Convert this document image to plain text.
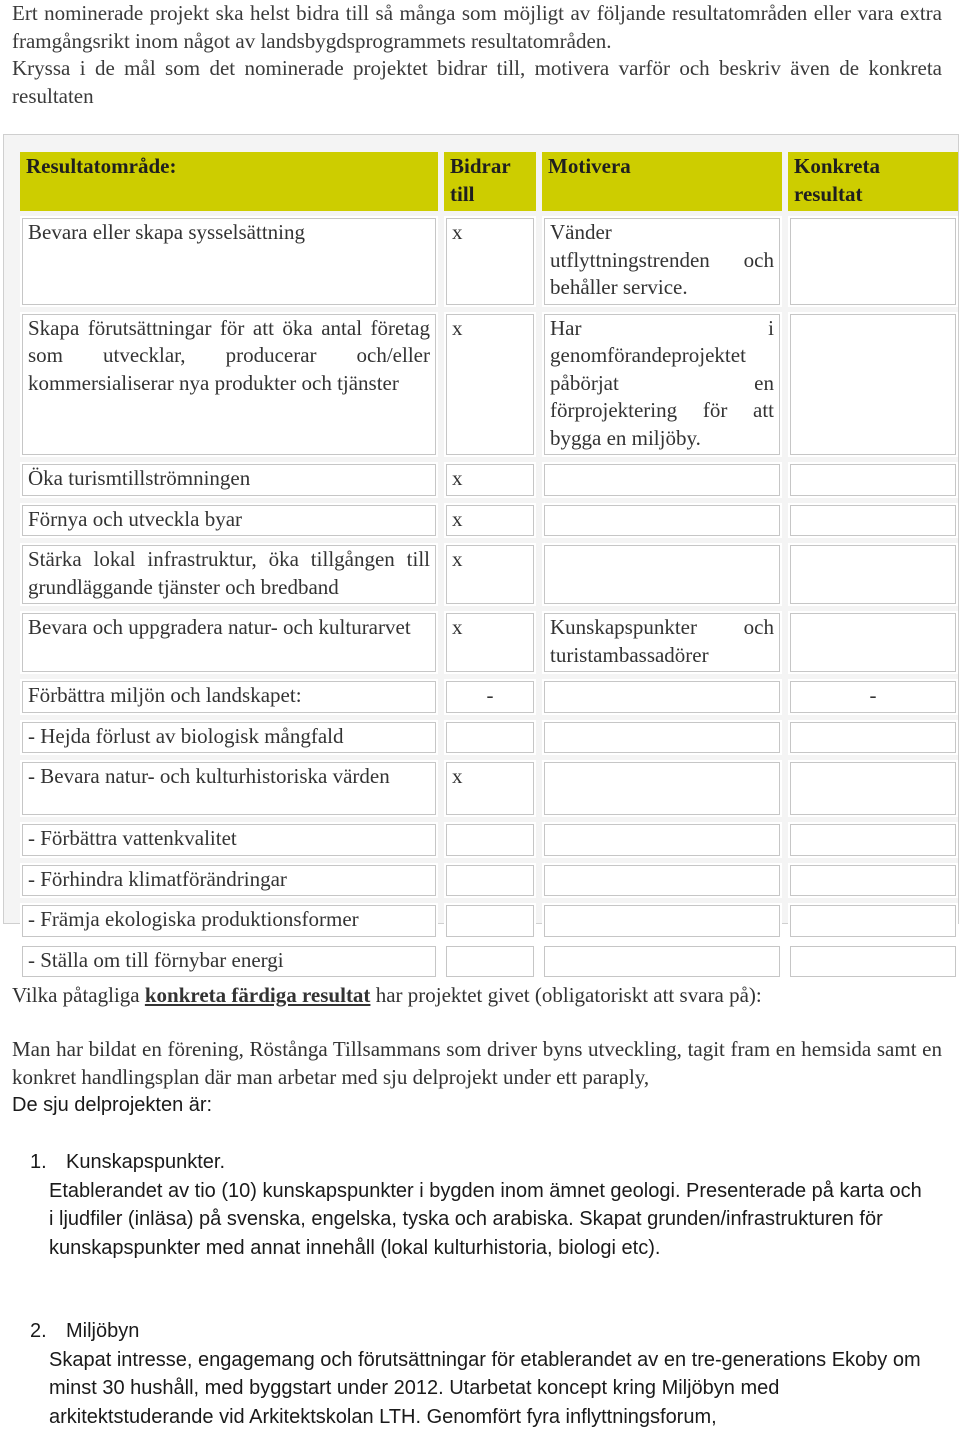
Ert nominerade projekt ska helst bidra till så många som möjligt av följande resultatområden eller vara extra framgångsrikt inom något av landsbygdsprogrammets resultatområden.

Kryssa i de mål som det nominerade projektet bidrar till, motivera varför och beskriv även de konkreta resultaten

Resultatområde:	Bidrar till	Motivera	Konkreta resultat
Bevara eller skapa sysselsättning	x	Vänder utflyttningstrenden och behåller service.	
Skapa förutsättningar för att öka antal företag som utvecklar, producerar och/eller kommersialiserar nya produkter och tjänster	x	Har i genomförandeprojektet påbörjat en förprojektering för att bygga en miljöby.	
Öka turismtillströmningen	x		
Förnya och utveckla byar	x		
Stärka lokal infrastruktur, öka tillgången till grundläggande tjänster och bredband	x		
Bevara och uppgradera natur- och kulturarvet	x	Kunskapspunkter och turistambassadörer	
Förbättra miljön och landskapet:	-		-
- Hejda förlust av biologisk mångfald			
- Bevara natur- och kulturhistoriska värden	x		
- Förbättra vattenkvalitet			
- Förhindra klimatförändringar			
- Främja ekologiska produktionsformer			
- Ställa om till förnybar energi			

Vilka påtagliga konkreta färdiga resultat har projektet givet (obligatoriskt att svara på):

Man har bildat en förening, Röstånga Tillsammans som driver byns utveckling, tagit fram en hemsida samt en konkret handlingsplan där man arbetar med sju delprojekt under ett paraply,

De sju delprojekten är:

1. Kunskapspunkter.
Etablerandet av tio (10) kunskapspunkter i bygden inom ämnet geologi. Presenterade på karta och i ljudfiler (inläsa) på svenska, engelska, tyska och arabiska. Skapat grunden/infrastrukturen för kunskapspunkter med annat innehåll (lokal kulturhistoria, biologi etc).
2. Miljöbyn
Skapat intresse, engagemang och förutsättningar för etablerandet av en tre-generations Ekoby om minst 30 hushåll, med byggstart under 2012. Utarbetat koncept kring Miljöbyn med arkitektstuderande vid Arkitektskolan LTH. Genomfört fyra inflyttningsforum,
